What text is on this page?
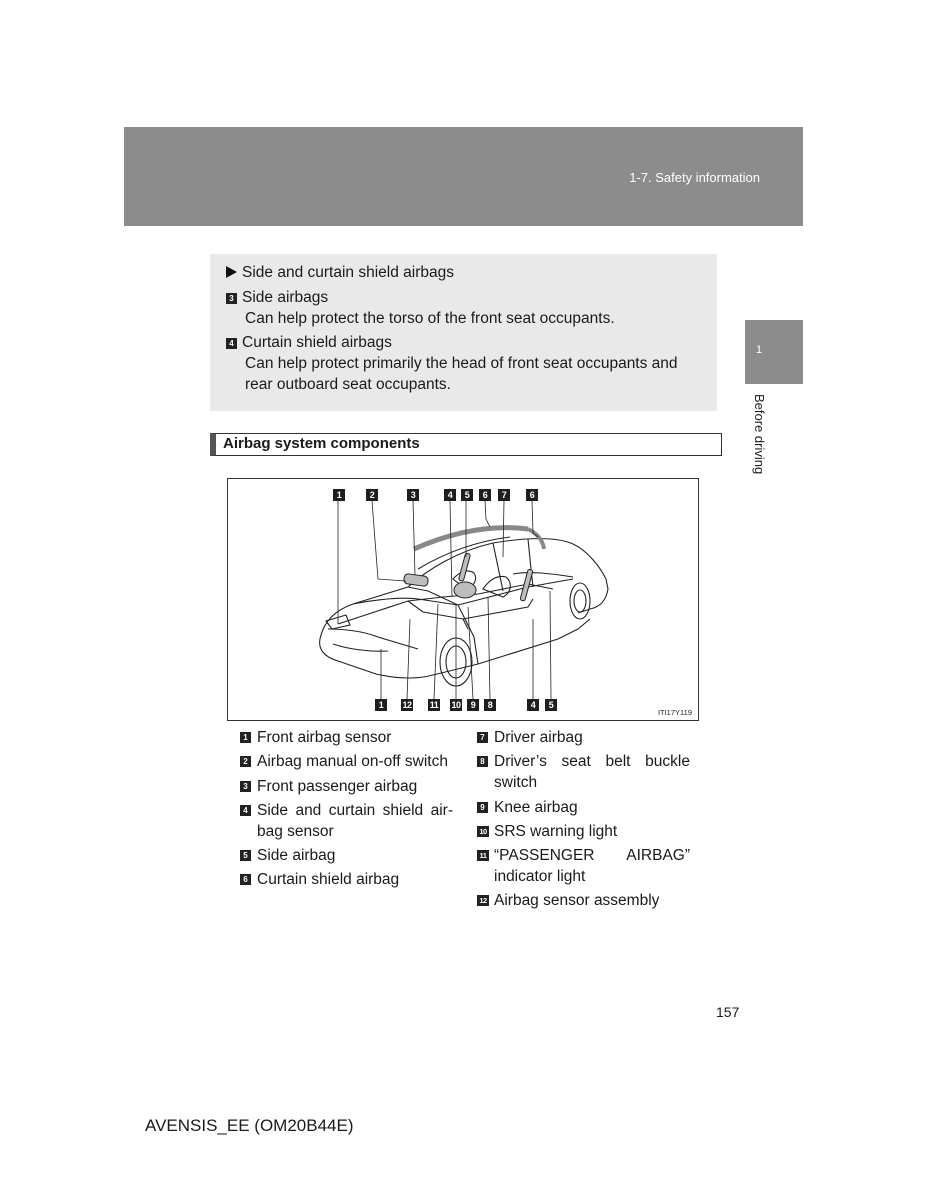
1-7. Safety information
1
Before driving
Side and curtain shield airbags
3 Side airbags
Can help protect the torso of the front seat occupants.
4 Curtain shield airbags
Can help protect primarily the head of front seat occupants and
rear outboard seat occupants.
Airbag system components
1	2	3	4	5	6	7	6
1	12 11 10	9	8	4	5
ITI17Y119
1 Front airbag sensor
2 Airbag manual on-off switch
3 Front passenger airbag
4 Side and curtain shield air-
bag sensor
5 Side airbag
6 Curtain shield airbag
7 Driver airbag
8 Driver’s seat belt buckle
switch
9 Knee airbag
10 SRS warning light
11 “PASSENGER AIRBAG”
indicator light
12 Airbag sensor assembly
157
AVENSIS_EE (OM20B44E)
